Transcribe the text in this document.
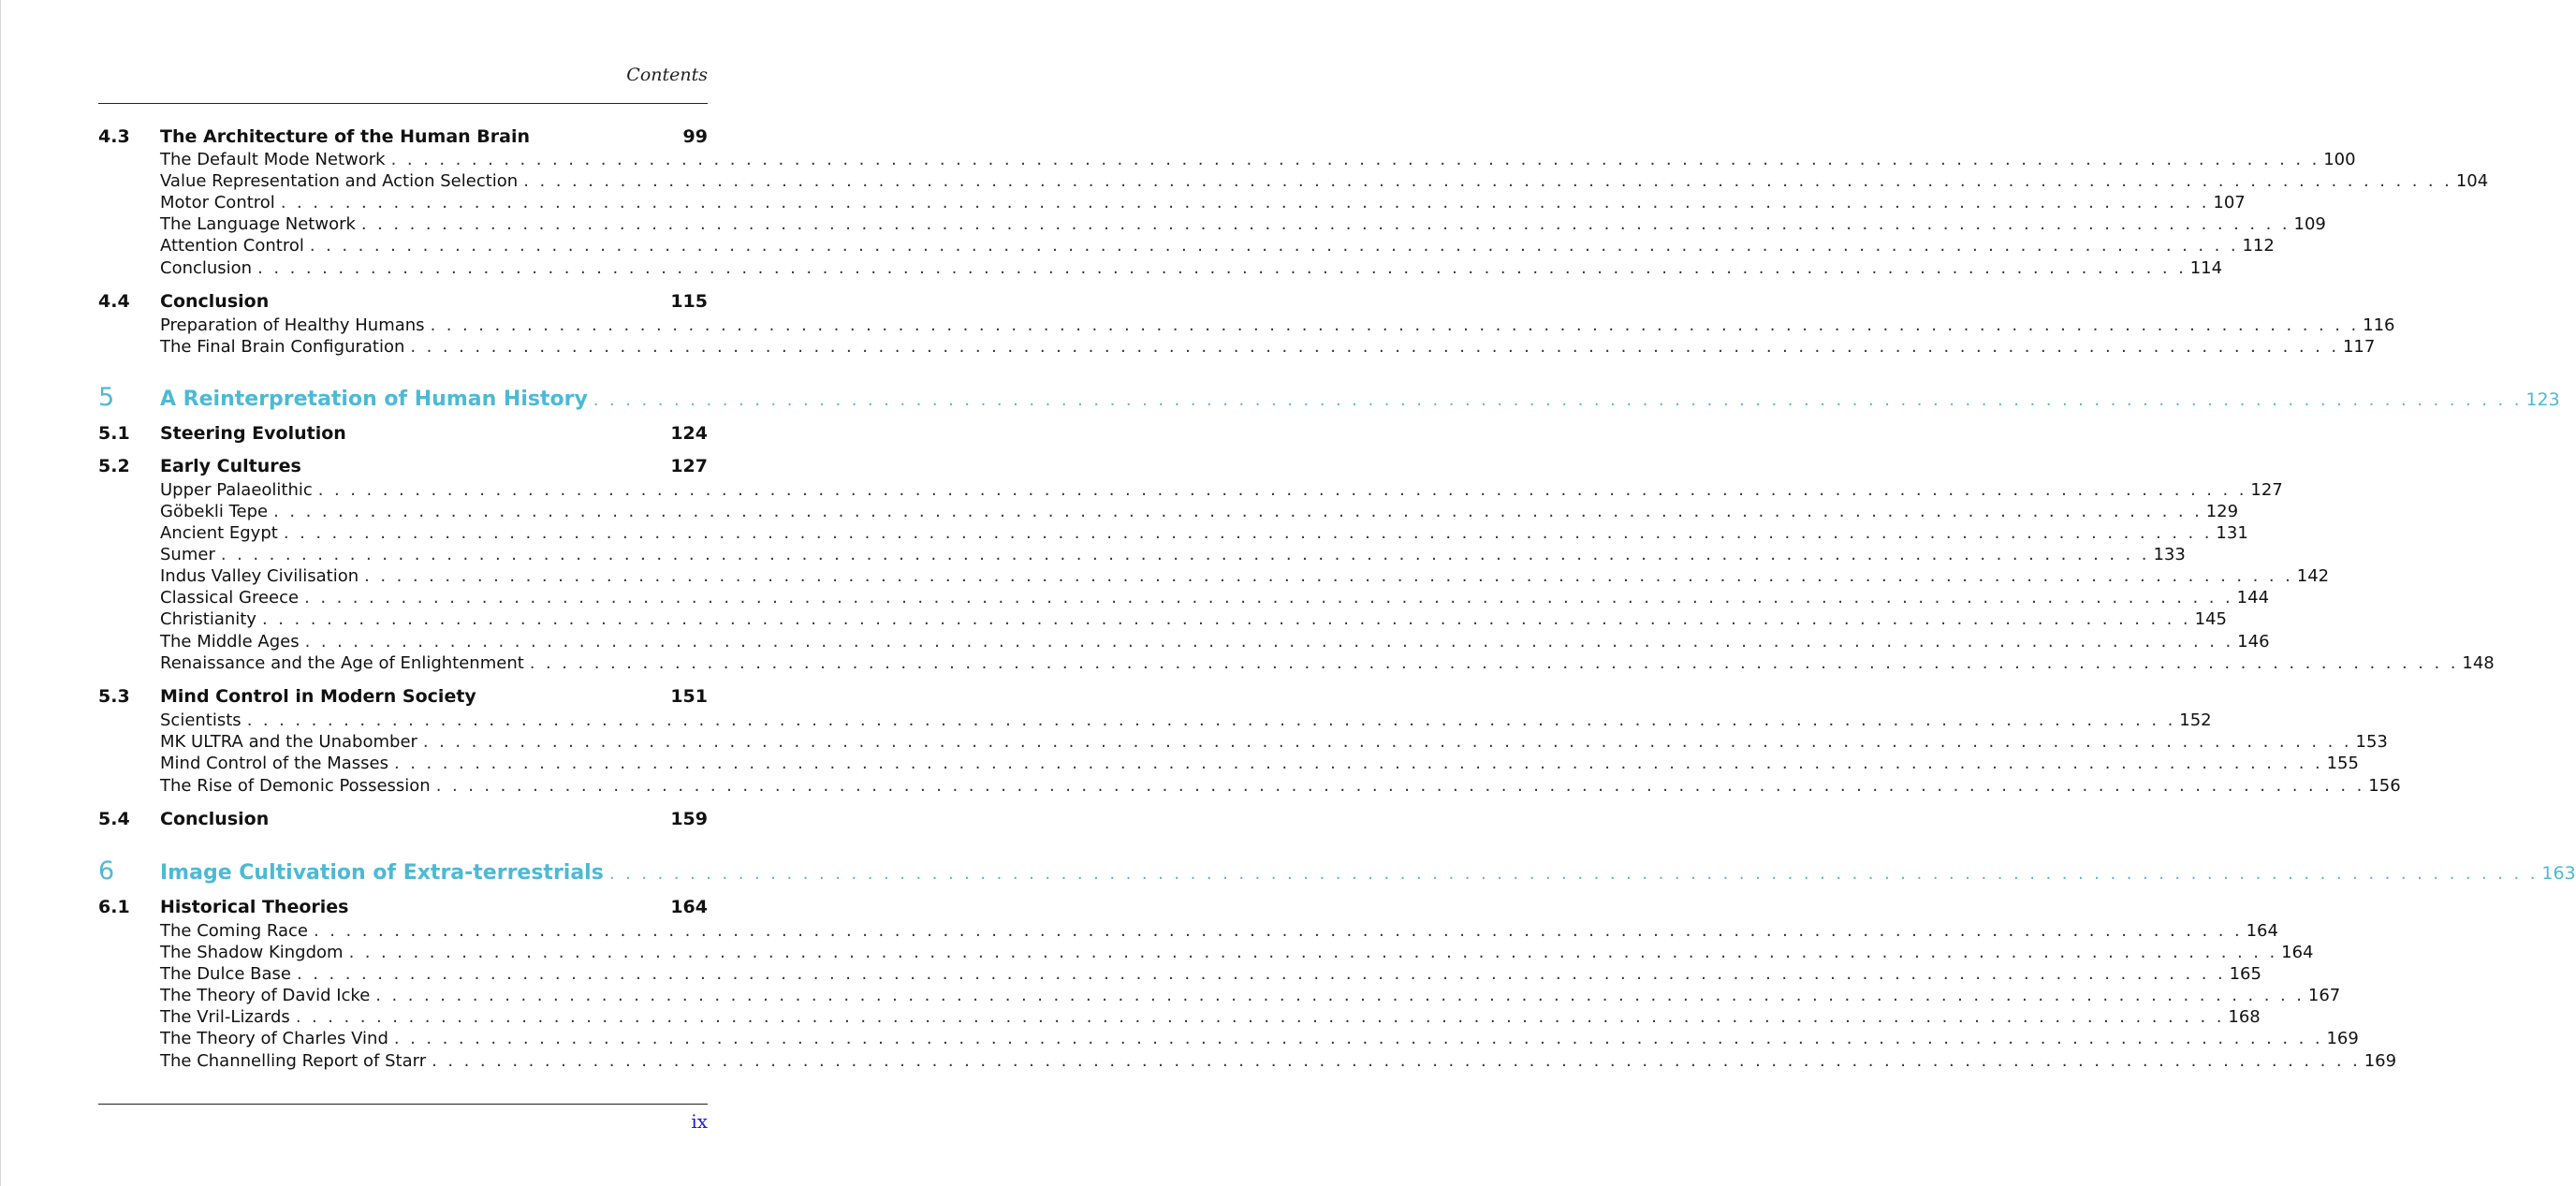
Contents
4.3	The Architecture of the Human Brain	99
The Default Mode Network . . . . . . . . . . . . . . . . . . . . . . . . . . . . . . . . . . . . . . . . . . . . . . . . . . . . . . . . . . . . . . . . . . . . . . . . . . . . . . . . . . . . . . . . . . . . . . . . . . . . . . . . . . . . . . . . . . . . . . . . 100
Value Representation and Action Selection . . . . . . . . . . . . . . . . . . . . . . . . . . . . . . . . . . . . . . . . . . . . . . . . . . . . . . . . . . . . . . . . . . . . . . . . . . . . . . . . . . . . . . . . . . . . . . . . . . . . . . . . . . . . . . . . . . . . . . . . 104
Motor Control . . . . . . . . . . . . . . . . . . . . . . . . . . . . . . . . . . . . . . . . . . . . . . . . . . . . . . . . . . . . . . . . . . . . . . . . . . . . . . . . . . . . . . . . . . . . . . . . . . . . . . . . . . . . . . . . . . . . . . . . 107
The Language Network . . . . . . . . . . . . . . . . . . . . . . . . . . . . . . . . . . . . . . . . . . . . . . . . . . . . . . . . . . . . . . . . . . . . . . . . . . . . . . . . . . . . . . . . . . . . . . . . . . . . . . . . . . . . . . . . . . . . . . . . 109
Attention Control . . . . . . . . . . . . . . . . . . . . . . . . . . . . . . . . . . . . . . . . . . . . . . . . . . . . . . . . . . . . . . . . . . . . . . . . . . . . . . . . . . . . . . . . . . . . . . . . . . . . . . . . . . . . . . . . . . . . . . . . 112
Conclusion . . . . . . . . . . . . . . . . . . . . . . . . . . . . . . . . . . . . . . . . . . . . . . . . . . . . . . . . . . . . . . . . . . . . . . . . . . . . . . . . . . . . . . . . . . . . . . . . . . . . . . . . . . . . . . . . . . . . . . . . 114
4.4	Conclusion	115
Preparation of Healthy Humans . . . . . . . . . . . . . . . . . . . . . . . . . . . . . . . . . . . . . . . . . . . . . . . . . . . . . . . . . . . . . . . . . . . . . . . . . . . . . . . . . . . . . . . . . . . . . . . . . . . . . . . . . . . . . . . . . . . . . . . . 116
The Final Brain Configuration . . . . . . . . . . . . . . . . . . . . . . . . . . . . . . . . . . . . . . . . . . . . . . . . . . . . . . . . . . . . . . . . . . . . . . . . . . . . . . . . . . . . . . . . . . . . . . . . . . . . . . . . . . . . . . . . . . . . . . . . 117
5	A Reinterpretation of Human History . . . . . . . . . . . . . . . . . . . . . . . . . . . . . . . . . . . . . . . . . . . . . . . . . . . . . . . . . . . . . . . . . . . . . . . . . . . . . . . . . . . . . . . . . . . . . . . . . . . . . . . . . . . . . . . . . . . . . . . . 123
5.1	Steering Evolution	124
5.2	Early Cultures	127
Upper Palaeolithic . . . . . . . . . . . . . . . . . . . . . . . . . . . . . . . . . . . . . . . . . . . . . . . . . . . . . . . . . . . . . . . . . . . . . . . . . . . . . . . . . . . . . . . . . . . . . . . . . . . . . . . . . . . . . . . . . . . . . . . . 127
Göbekli Tepe . . . . . . . . . . . . . . . . . . . . . . . . . . . . . . . . . . . . . . . . . . . . . . . . . . . . . . . . . . . . . . . . . . . . . . . . . . . . . . . . . . . . . . . . . . . . . . . . . . . . . . . . . . . . . . . . . . . . . . . . 129
Ancient Egypt . . . . . . . . . . . . . . . . . . . . . . . . . . . . . . . . . . . . . . . . . . . . . . . . . . . . . . . . . . . . . . . . . . . . . . . . . . . . . . . . . . . . . . . . . . . . . . . . . . . . . . . . . . . . . . . . . . . . . . . . 131
Sumer . . . . . . . . . . . . . . . . . . . . . . . . . . . . . . . . . . . . . . . . . . . . . . . . . . . . . . . . . . . . . . . . . . . . . . . . . . . . . . . . . . . . . . . . . . . . . . . . . . . . . . . . . . . . . . . . . . . . . . . . 133
Indus Valley Civilisation . . . . . . . . . . . . . . . . . . . . . . . . . . . . . . . . . . . . . . . . . . . . . . . . . . . . . . . . . . . . . . . . . . . . . . . . . . . . . . . . . . . . . . . . . . . . . . . . . . . . . . . . . . . . . . . . . . . . . . . . 142
Classical Greece . . . . . . . . . . . . . . . . . . . . . . . . . . . . . . . . . . . . . . . . . . . . . . . . . . . . . . . . . . . . . . . . . . . . . . . . . . . . . . . . . . . . . . . . . . . . . . . . . . . . . . . . . . . . . . . . . . . . . . . . 144
Christianity . . . . . . . . . . . . . . . . . . . . . . . . . . . . . . . . . . . . . . . . . . . . . . . . . . . . . . . . . . . . . . . . . . . . . . . . . . . . . . . . . . . . . . . . . . . . . . . . . . . . . . . . . . . . . . . . . . . . . . . . 145
The Middle Ages . . . . . . . . . . . . . . . . . . . . . . . . . . . . . . . . . . . . . . . . . . . . . . . . . . . . . . . . . . . . . . . . . . . . . . . . . . . . . . . . . . . . . . . . . . . . . . . . . . . . . . . . . . . . . . . . . . . . . . . . 146
Renaissance and the Age of Enlightenment . . . . . . . . . . . . . . . . . . . . . . . . . . . . . . . . . . . . . . . . . . . . . . . . . . . . . . . . . . . . . . . . . . . . . . . . . . . . . . . . . . . . . . . . . . . . . . . . . . . . . . . . . . . . . . . . . . . . . . . . 148
5.3	Mind Control in Modern Society	151
Scientists . . . . . . . . . . . . . . . . . . . . . . . . . . . . . . . . . . . . . . . . . . . . . . . . . . . . . . . . . . . . . . . . . . . . . . . . . . . . . . . . . . . . . . . . . . . . . . . . . . . . . . . . . . . . . . . . . . . . . . . . 152
MK ULTRA and the Unabomber . . . . . . . . . . . . . . . . . . . . . . . . . . . . . . . . . . . . . . . . . . . . . . . . . . . . . . . . . . . . . . . . . . . . . . . . . . . . . . . . . . . . . . . . . . . . . . . . . . . . . . . . . . . . . . . . . . . . . . . . 153
Mind Control of the Masses . . . . . . . . . . . . . . . . . . . . . . . . . . . . . . . . . . . . . . . . . . . . . . . . . . . . . . . . . . . . . . . . . . . . . . . . . . . . . . . . . . . . . . . . . . . . . . . . . . . . . . . . . . . . . . . . . . . . . . . . 155
The Rise of Demonic Possession . . . . . . . . . . . . . . . . . . . . . . . . . . . . . . . . . . . . . . . . . . . . . . . . . . . . . . . . . . . . . . . . . . . . . . . . . . . . . . . . . . . . . . . . . . . . . . . . . . . . . . . . . . . . . . . . . . . . . . . . 156
5.4	Conclusion	159
6	Image Cultivation of Extra-terrestrials . . . . . . . . . . . . . . . . . . . . . . . . . . . . . . . . . . . . . . . . . . . . . . . . . . . . . . . . . . . . . . . . . . . . . . . . . . . . . . . . . . . . . . . . . . . . . . . . . . . . . . . . . . . . . . . . . . . . . . . . 163
6.1	Historical Theories	164
The Coming Race . . . . . . . . . . . . . . . . . . . . . . . . . . . . . . . . . . . . . . . . . . . . . . . . . . . . . . . . . . . . . . . . . . . . . . . . . . . . . . . . . . . . . . . . . . . . . . . . . . . . . . . . . . . . . . . . . . . . . . . . 164
The Shadow Kingdom . . . . . . . . . . . . . . . . . . . . . . . . . . . . . . . . . . . . . . . . . . . . . . . . . . . . . . . . . . . . . . . . . . . . . . . . . . . . . . . . . . . . . . . . . . . . . . . . . . . . . . . . . . . . . . . . . . . . . . . . 164
The Dulce Base . . . . . . . . . . . . . . . . . . . . . . . . . . . . . . . . . . . . . . . . . . . . . . . . . . . . . . . . . . . . . . . . . . . . . . . . . . . . . . . . . . . . . . . . . . . . . . . . . . . . . . . . . . . . . . . . . . . . . . . . 165
The Theory of David Icke . . . . . . . . . . . . . . . . . . . . . . . . . . . . . . . . . . . . . . . . . . . . . . . . . . . . . . . . . . . . . . . . . . . . . . . . . . . . . . . . . . . . . . . . . . . . . . . . . . . . . . . . . . . . . . . . . . . . . . . . 167
The Vril-Lizards . . . . . . . . . . . . . . . . . . . . . . . . . . . . . . . . . . . . . . . . . . . . . . . . . . . . . . . . . . . . . . . . . . . . . . . . . . . . . . . . . . . . . . . . . . . . . . . . . . . . . . . . . . . . . . . . . . . . . . . . 168
The Theory of Charles Vind . . . . . . . . . . . . . . . . . . . . . . . . . . . . . . . . . . . . . . . . . . . . . . . . . . . . . . . . . . . . . . . . . . . . . . . . . . . . . . . . . . . . . . . . . . . . . . . . . . . . . . . . . . . . . . . . . . . . . . . . 169
The Channelling Report of Starr . . . . . . . . . . . . . . . . . . . . . . . . . . . . . . . . . . . . . . . . . . . . . . . . . . . . . . . . . . . . . . . . . . . . . . . . . . . . . . . . . . . . . . . . . . . . . . . . . . . . . . . . . . . . . . . . . . . . . . . . 169
ix
